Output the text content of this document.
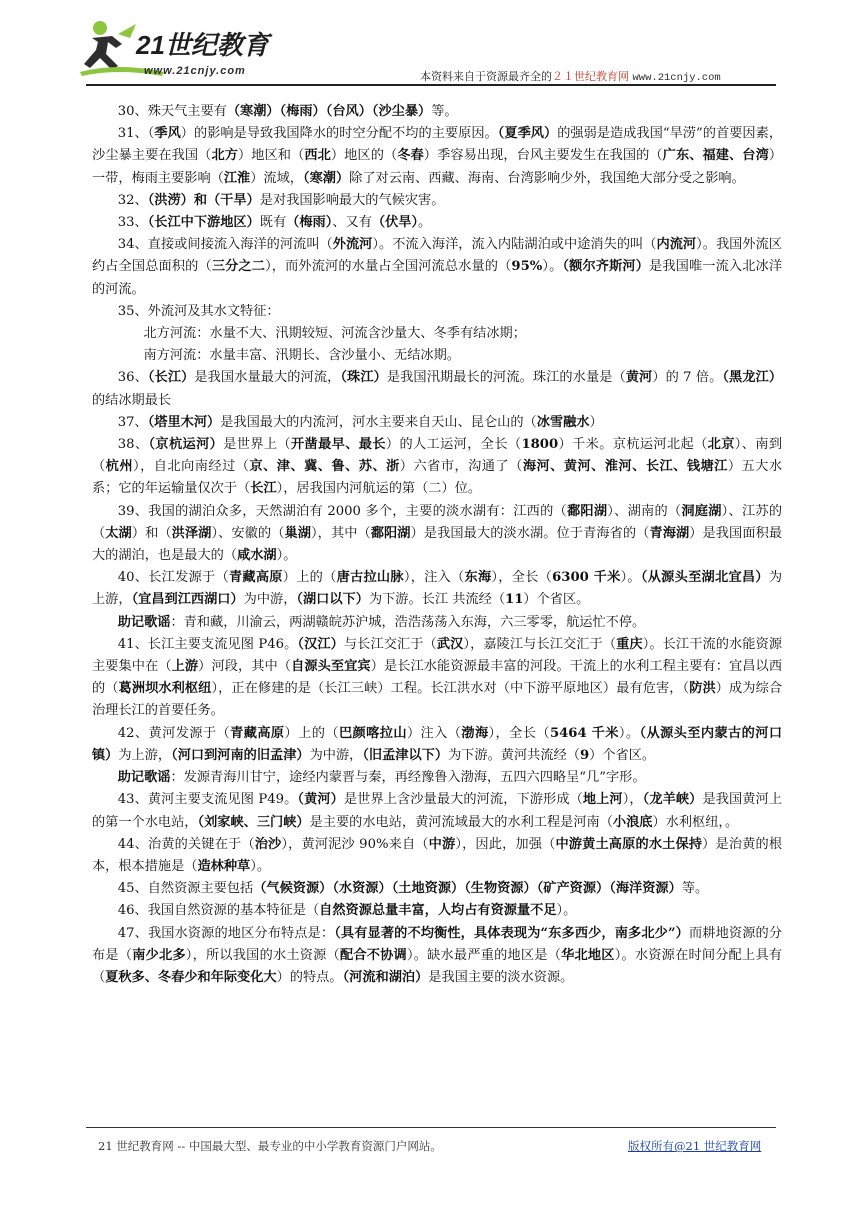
21世纪教育
www.21cnjy.com	本资料来自于资源最齐全的２１世纪教育网 www.21cnjy.com

30、殊天气主要有（寒潮）（梅雨）（台风）（沙尘暴）等。

31、（季风）的影响是导致我国降水的时空分配不均的主要原因。（夏季风）的强弱是造成我国“旱涝”的首要因素，沙尘暴主要在我国（北方）地区和（西北）地区的（冬春）季容易出现，台风主要发生在我国的（广东、福建、台湾）一带，梅雨主要影响（江淮）流域，（寒潮）除了对云南、西藏、海南、台湾影响少外，我国绝大部分受之影响。

32、（洪涝）和（干旱）是对我国影响最大的气候灾害。

33、（长江中下游地区）既有（梅雨）、又有（伏旱）。

34、直接或间接流入海洋的河流叫（外流河）。不流入海洋，流入内陆湖泊或中途消失的叫（内流河）。我国外流区约占全国总面积的（三分之二），而外流河的水量占全国河流总水量的（95%）。（额尔齐斯河）是我国唯一流入北冰洋的河流。

35、外流河及其水文特征：

北方河流：水量不大、汛期较短、河流含沙量大、冬季有结冰期；

南方河流：水量丰富、汛期长、含沙量小、无结冰期。

36、（长江）是我国水量最大的河流，（珠江）是我国汛期最长的河流。珠江的水量是（黄河）的 7 倍。（黑龙江）的结冰期最长

37、（塔里木河）是我国最大的内流河，河水主要来自天山、昆仑山的（冰雪融水）

38、（京杭运河）是世界上（开凿最早、最长）的人工运河，全长（1800）千米。京杭运河北起（北京）、南到（杭州），自北向南经过（京、津、冀、鲁、苏、浙）六省市，沟通了（海河、黄河、淮河、长江、钱塘江）五大水系；它的年运输量仅次于（长江），居我国内河航运的第（二）位。

39、我国的湖泊众多，天然湖泊有 2000 多个，主要的淡水湖有：江西的（鄱阳湖）、湖南的（洞庭湖）、江苏的（太湖）和（洪泽湖）、安徽的（巢湖），其中（鄱阳湖）是我国最大的淡水湖。位于青海省的（青海湖）是我国面积最大的湖泊，也是最大的（咸水湖）。

40、长江发源于（青藏高原）上的（唐古拉山脉），注入（东海），全长（6300 千米）。（从源头至湖北宜昌）为上游，（宜昌到江西湖口）为中游，（湖口以下）为下游。长江 共流经（11）个省区。

助记歌谣：青和藏，川渝云，两湖赣皖苏沪城，浩浩荡荡入东海，六三零零，航运忙不停。

41、长江主要支流见图 P46。（汉江）与长江交汇于（武汉），嘉陵江与长江交汇于（重庆）。长江干流的水能资源主要集中在（上游）河段，其中（自源头至宜宾）是长江水能资源最丰富的河段。干流上的水利工程主要有：宜昌以西的（葛洲坝水利枢纽），正在修建的是（长江三峡）工程。长江洪水对（中下游平原地区）最有危害，（防洪）成为综合治理长江的首要任务。

42、黄河发源于（青藏高原）上的（巴颜喀拉山）注入（渤海），全长（5464 千米）。（从源头至内蒙古的河口镇）为上游，（河口到河南的旧孟津）为中游，（旧孟津以下）为下游。黄河共流经（9）个省区。

助记歌谣：发源青海川甘宁，途经内蒙晋与秦，再经豫鲁入渤海，五四六四略呈“几”字形。

43、黄河主要支流见图 P49。（黄河）是世界上含沙量最大的河流，下游形成（地上河），（龙羊峡）是我国黄河上的第一个水电站，（刘家峡、三门峡）是主要的水电站，黄河流域最大的水利工程是河南（小浪底）水利枢纽，。

44、治黄的关键在于（治沙），黄河泥沙 90%来自（中游），因此，加强（中游黄土高原的水土保持）是治黄的根本，根本措施是（造林种草）。

45、自然资源主要包括（气候资源）（水资源）（土地资源）（生物资源）（矿产资源）（海洋资源）等。

46、我国自然资源的基本特征是（自然资源总量丰富，人均占有资源量不足）。

47、我国水资源的地区分布特点是：（具有显著的不均衡性，具体表现为“东多西少，南多北少”）而耕地资源的分布是（南少北多），所以我国的水土资源（配合不协调）。缺水最严重的地区是（华北地区）。水资源在时间分配上具有（夏秋多、冬春少和年际变化大）的特点。（河流和湖泊）是我国主要的淡水资源。

21 世纪教育网 -- 中国最大型、最专业的中小学教育资源门户网站。	版权所有@21 世纪教育网
